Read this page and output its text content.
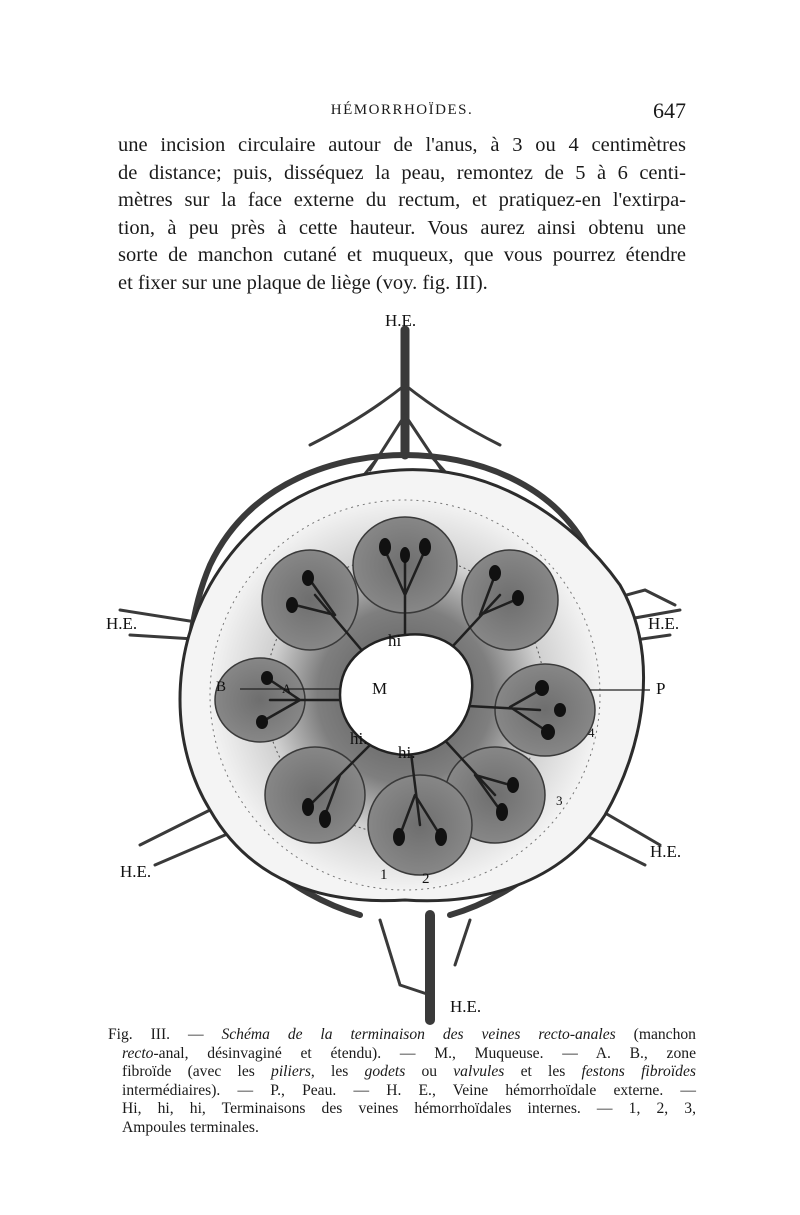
HÉMORRHOÏDES.	647

une incision circulaire autour de l'anus, à 3 ou 4 centimètres
de distance; puis, disséquez la peau, remontez de 5 à 6 centi-
mètres sur la face externe du rectum, et pratiquez-en l'extirpa-
tion, à peu près à cette hauteur. Vous aurez ainsi obtenu une
sorte de manchon cutané et muqueux, que vous pourrez étendre
et fixer sur une plaque de liège (voy. fig. III).

H.E.
H.E.	H.E.
H.E.
H.E.
H.E.
hi
hi.
hi.
M	P
B	A
1 2
3
4

Fig. III. — Schéma de la terminaison des veines recto-anales (manchon
recto-anal, désinvaginé et étendu). — M., Muqueuse. — A. B., zone
fibroïde (avec les piliers, les godets ou valvules et les festons fibroïdes
intermédiaires). — P., Peau. — H. E., Veine hémorrhoïdale externe. —
Hi, hi, hi, Terminaisons des veines hémorrhoïdales internes. — 1, 2, 3,
Ampoules terminales.
